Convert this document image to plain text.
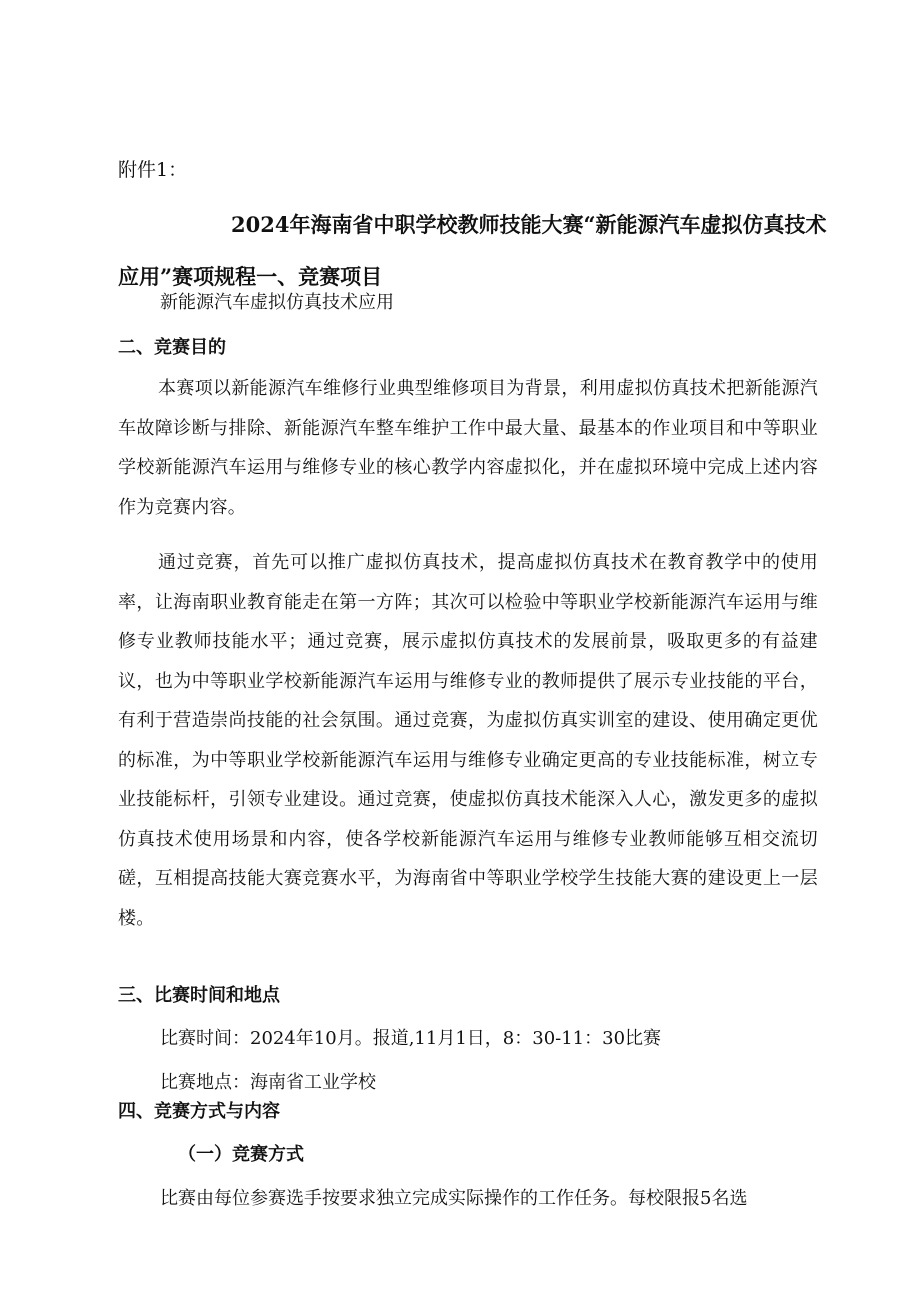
附件1：
2024年海南省中职学校教师技能大赛“新能源汽车虚拟仿真技术
应用”赛项规程一、竞赛项目
新能源汽车虚拟仿真技术应用
二、竞赛目的
本赛项以新能源汽车维修行业典型维修项目为背景，利用虚拟仿真技术把新能源汽车故障诊断与排除、新能源汽车整车维护工作中最大量、最基本的作业项目和中等职业学校新能源汽车运用与维修专业的核心教学内容虚拟化，并在虚拟环境中完成上述内容作为竞赛内容。
通过竞赛，首先可以推广虚拟仿真技术，提高虚拟仿真技术在教育教学中的使用率，让海南职业教育能走在第一方阵；其次可以检验中等职业学校新能源汽车运用与维修专业教师技能水平；通过竞赛，展示虚拟仿真技术的发展前景，吸取更多的有益建议，也为中等职业学校新能源汽车运用与维修专业的教师提供了展示专业技能的平台，有利于营造崇尚技能的社会氛围。通过竞赛，为虚拟仿真实训室的建设、使用确定更优的标准，为中等职业学校新能源汽车运用与维修专业确定更高的专业技能标准，树立专业技能标杆，引领专业建设。通过竞赛，使虚拟仿真技术能深入人心，激发更多的虚拟仿真技术使用场景和内容，使各学校新能源汽车运用与维修专业教师能够互相交流切磋，互相提高技能大赛竞赛水平，为海南省中等职业学校学生技能大赛的建设更上一层楼。
三、比赛时间和地点
比赛时间：2024年10月。报道,11月1日，8：30-11：30比赛
比赛地点：海南省工业学校
四、竞赛方式与内容
（一）竞赛方式
比赛由每位参赛选手按要求独立完成实际操作的工作任务。每校限报5名选
